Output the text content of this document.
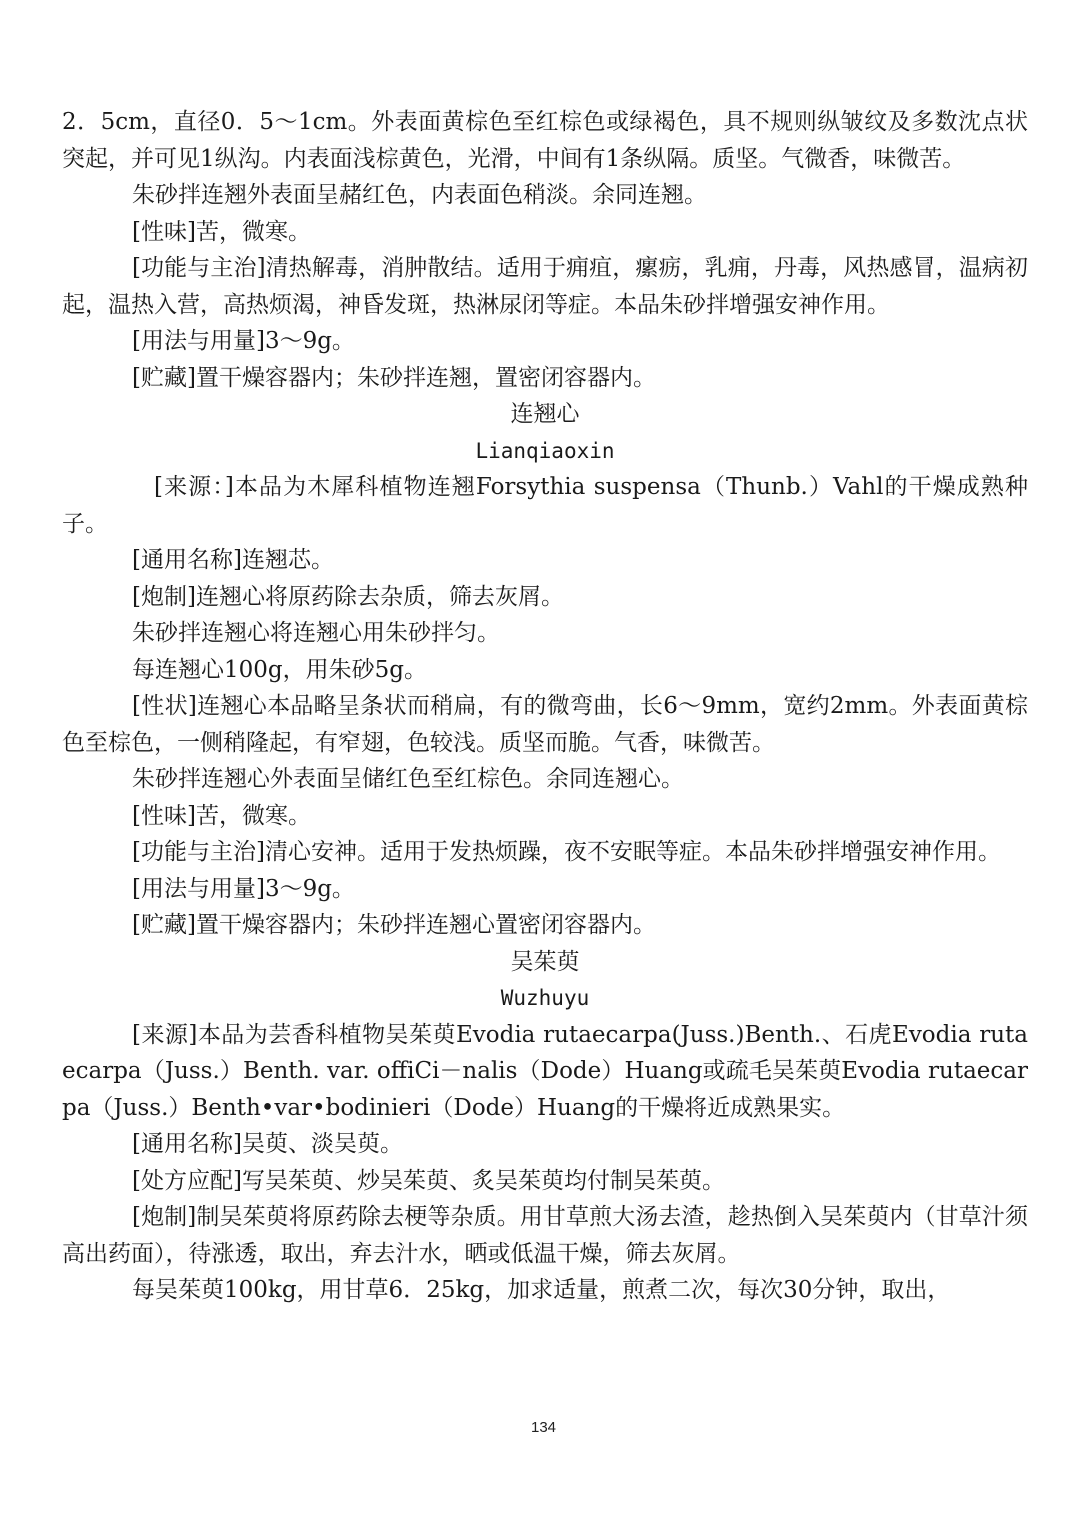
2．5cm，直径0．5～1cm。外表面黄棕色至红棕色或绿褐色，具不规则纵皱纹及多数沈点状突起，并可见1纵沟。内表面浅棕黄色，光滑，中间有1条纵隔。质坚。气微香，味微苦。

朱砂拌连翘外表面呈赭红色，内表面色稍淡。余同连翘。

[性味]苦，微寒。

[功能与主治]清热解毒，消肿散结。适用于痈疽，瘰疬，乳痈，丹毒，风热感冒，温病初起，温热入营，高热烦渴，神昏发斑，热淋尿闭等症。本品朱砂拌增强安神作用。

[用法与用量]3～9g。

[贮藏]置干燥容器内；朱砂拌连翘，置密闭容器内。

连翘心

Lianqiaoxin

[来源：]本品为木犀科植物连翘Forsythia suspensa（Thunb.）Vahl的干燥成熟种子。

[通用名称]连翘芯。

[炮制]连翘心将原药除去杂质，筛去灰屑。

朱砂拌连翘心将连翘心用朱砂拌匀。

每连翘心100g，用朱砂5g。

[性状]连翘心本品略呈条状而稍扁，有的微弯曲，长6～9mm，宽约2mm。外表面黄棕色至棕色，一侧稍隆起，有窄翅，色较浅。质坚而脆。气香，味微苦。

朱砂拌连翘心外表面呈储红色至红棕色。余同连翘心。

[性味]苦，微寒。

[功能与主治]清心安神。适用于发热烦躁，夜不安眠等症。本品朱砂拌增强安神作用。

[用法与用量]3～9g。

[贮藏]置干燥容器内；朱砂拌连翘心置密闭容器内。

吴茱萸

Wuzhuyu

[来源]本品为芸香科植物吴茱萸Evodia rutaecarpa(Juss.)Benth.、石虎Evodia rutaecarpa（Juss.）Benth. var. offiCi－nalis（Dode）Huang或疏毛吴茱萸Evodia rutaecarpa（Juss.）Benth•var•bodinieri（Dode）Huang的干燥将近成熟果实。

[通用名称]吴萸、淡吴萸。

[处方应配]写吴茱萸、炒吴茱萸、炙吴茱萸均付制吴茱萸。

[炮制]制吴茱萸将原药除去梗等杂质。用甘草煎大汤去渣，趁热倒入吴茱萸内（甘草汁须高出药面），待涨透，取出，弃去汁水，晒或低温干燥，筛去灰屑。

每吴茱萸100kg，用甘草6．25kg，加求适量，煎煮二次，每次30分钟，取出，

134
